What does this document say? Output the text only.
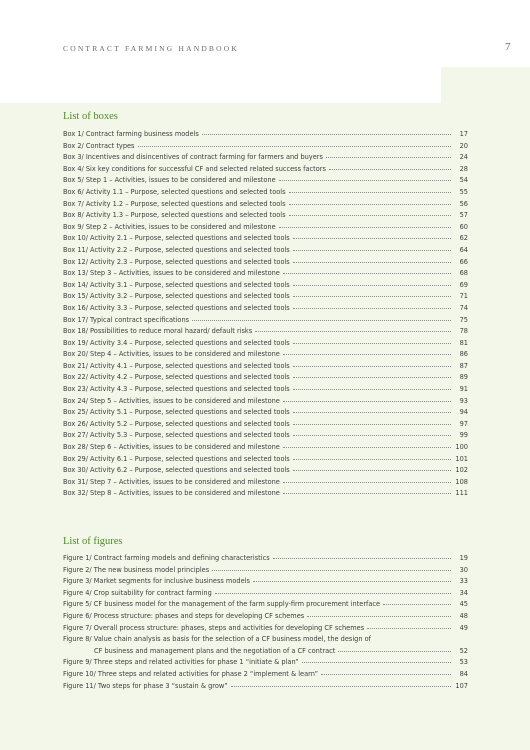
CONTRACT FARMING HANDBOOK	7
List of boxes
Box 1/ Contract farming business models	17
Box 2/ Contract types	20
Box 3/ Incentives and disincentives of contract farming for farmers and buyers	24
Box 4/ Six key conditions for successful CF and selected related success factors	28
Box 5/ Step 1 – Activities, issues to be considered and milestone	54
Box 6/ Activity 1.1 – Purpose, selected questions and selected tools	55
Box 7/ Activity 1.2 – Purpose, selected questions and selected tools	56
Box 8/ Activity 1.3 – Purpose, selected questions and selected tools	57
Box 9/ Step 2 – Activities, issues to be considered and milestone	60
Box 10/ Activity 2.1 – Purpose, selected questions and selected tools	62
Box 11/ Activity 2.2 – Purpose, selected questions and selected tools	64
Box 12/ Activity 2.3 – Purpose, selected questions and selected tools	66
Box 13/ Step 3 – Activities, issues to be considered and milestone	68
Box 14/ Activity 3.1 – Purpose, selected questions and selected tools	69
Box 15/ Activity 3.2 – Purpose, selected questions and selected tools	71
Box 16/ Activity 3.3 – Purpose, selected questions and selected tools	74
Box 17/ Typical contract specifications	75
Box 18/ Possibilities to reduce moral hazard/ default risks	78
Box 19/ Activity 3.4 – Purpose, selected questions and selected tools	81
Box 20/ Step 4 – Activities, issues to be considered and milestone	86
Box 21/ Activity 4.1 – Purpose, selected questions and selected tools	87
Box 22/ Activity 4.2 – Purpose, selected questions and selected tools	89
Box 23/ Activity 4.3 – Purpose, selected questions and selected tools	91
Box 24/ Step 5 – Activities, issues to be considered and milestone	93
Box 25/ Activity 5.1 – Purpose, selected questions and selected tools	94
Box 26/ Activity 5.2 – Purpose, selected questions and selected tools	97
Box 27/ Activity 5.3 – Purpose, selected questions and selected tools	99
Box 28/ Step 6 – Activities, issues to be considered and milestone	100
Box 29/ Activity 6.1 – Purpose, selected questions and selected tools	101
Box 30/ Activity 6.2 – Purpose, selected questions and selected tools	102
Box 31/ Step 7 – Activities, issues to be considered and milestone	108
Box 32/ Step 8 – Activities, issues to be considered and milestone	111
List of figures
Figure 1/ Contract farming models and defining characteristics	19
Figure 2/ The new business model principles	30
Figure 3/ Market segments for inclusive business models	33
Figure 4/ Crop suitability for contract farming	34
Figure 5/ CF business model for the management of the farm supply-firm procurement interface	45
Figure 6/ Process structure: phases and steps for developing CF schemes	48
Figure 7/ Overall process structure: phases, steps and activities for developing CF schemes	49
Figure 8/ Value chain analysis as basis for the selection of a CF business model, the design of
CF business and management plans and the negotiation of a CF contract	52
Figure 9/ Three steps and related activities for phase 1 “initiate & plan”	53
Figure 10/ Three steps and related activities for phase 2 “implement & learn”	84
Figure 11/ Two steps for phase 3 “sustain & grow”	107
